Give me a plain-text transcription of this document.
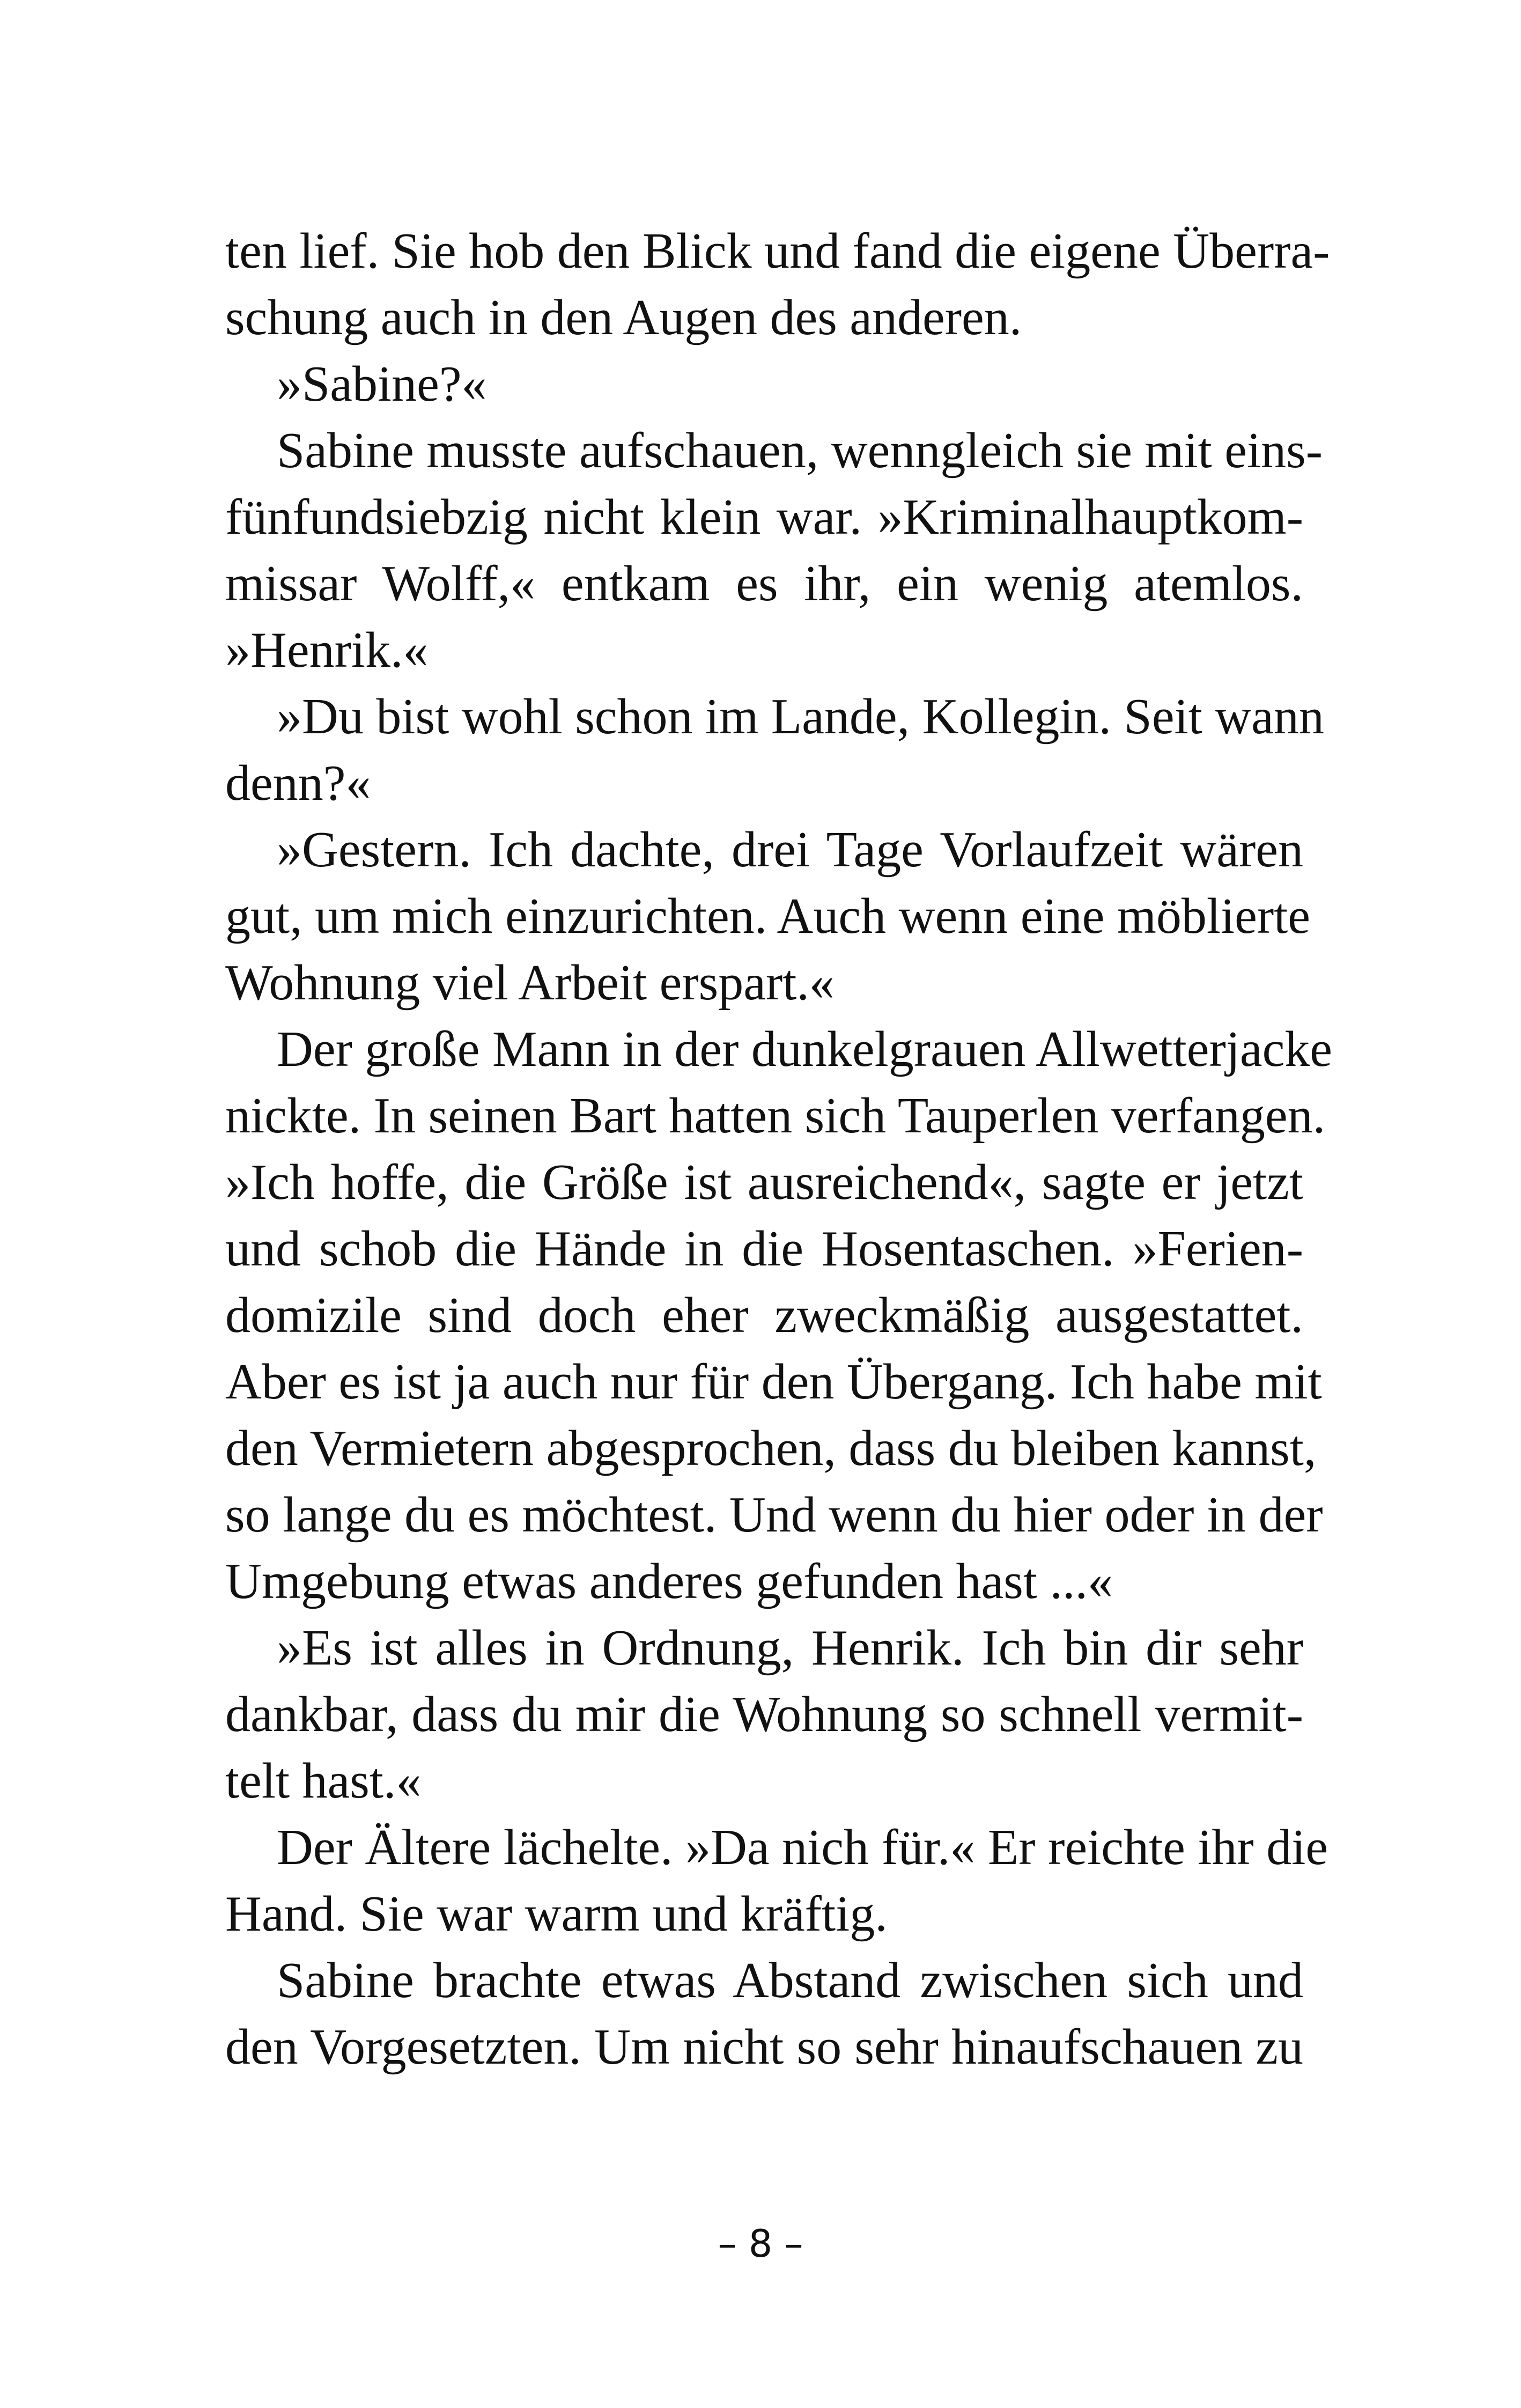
ten lief. Sie hob den Blick und fand die eigene Überra-
schung auch in den Augen des anderen.
»Sabine?«
Sabine musste aufschauen, wenngleich sie mit eins-
fünfundsiebzig nicht klein war. »Kriminalhauptkom-
missar Wolff,« entkam es ihr, ein wenig atemlos.
»Henrik.«
»Du bist wohl schon im Lande, Kollegin. Seit wann
denn?«
»Gestern. Ich dachte, drei Tage Vorlaufzeit wären
gut, um mich einzurichten. Auch wenn eine möblierte
Wohnung viel Arbeit erspart.«
Der große Mann in der dunkelgrauen Allwetterjacke
nickte. In seinen Bart hatten sich Tauperlen verfangen.
»Ich hoffe, die Größe ist ausreichend«, sagte er jetzt
und schob die Hände in die Hosentaschen. »Ferien-
domizile sind doch eher zweckmäßig ausgestattet.
Aber es ist ja auch nur für den Übergang. Ich habe mit
den Vermietern abgesprochen, dass du bleiben kannst,
so lange du es möchtest. Und wenn du hier oder in der
Umgebung etwas anderes gefunden hast ...«
»Es ist alles in Ordnung, Henrik. Ich bin dir sehr
dankbar, dass du mir die Wohnung so schnell vermit-
telt hast.«
Der Ältere lächelte. »Da nich für.« Er reichte ihr die
Hand. Sie war warm und kräftig.
Sabine brachte etwas Abstand zwischen sich und
den Vorgesetzten. Um nicht so sehr hinaufschauen zu
– 8 –
